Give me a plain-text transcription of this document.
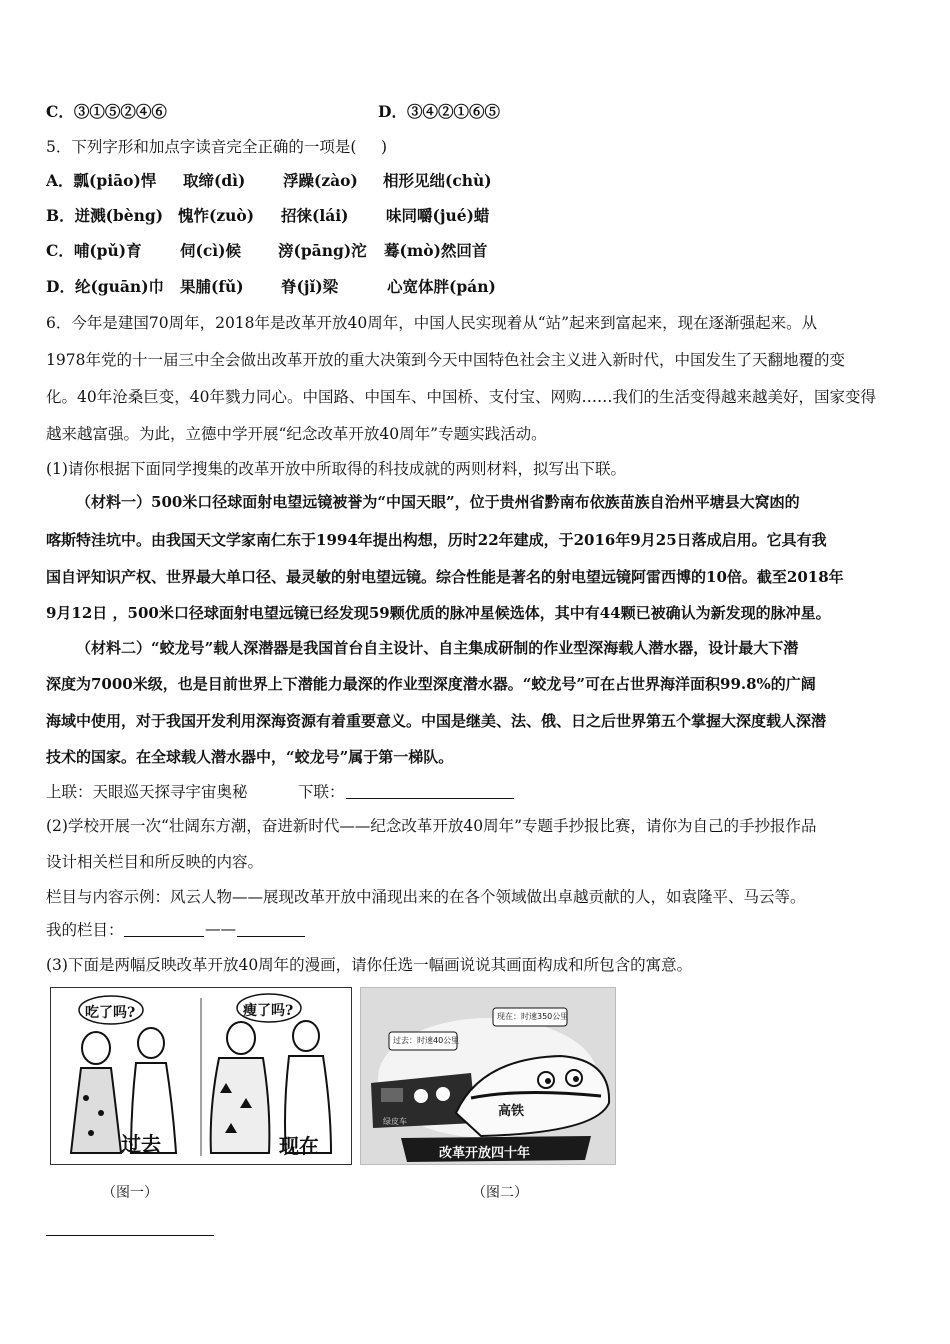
C．③①⑤②④⑥	D．③④②①⑥⑤
5．下列字形和加点字读音完全正确的一项是(     )
A．瓢(piāo)悍 取缔(dì) 浮躁(zào) 相形见绌(chù)
B．迸溅(bèng) 愧怍(zuò) 招徕(lái) 味同嚼(jué)蜡
C．哺(pǔ)育 伺(cì)候 滂(pāng)沱 蓦(mò)然回首
D．纶(guān)巾 果脯(fǔ) 脊(jǐ)梁	心宽体胖(pán)
6．今年是建国70周年，2018年是改革开放40周年，中国人民实现着从“站”起来到富起来，现在逐渐强起来。从
1978年党的十一届三中全会做出改革开放的重大决策到今天中国特色社会主义进入新时代，中国发生了天翻地覆的变
化。40年沧桑巨变，40年戮力同心。中国路、中国车、中国桥、支付宝、网购……我们的生活变得越来越美好，国家变得
越来越富强。为此，立德中学开展“纪念改革开放40周年”专题实践活动。
(1)请你根据下面同学搜集的改革开放中所取得的科技成就的两则材料，拟写出下联。
（材料一）500米口径球面射电望远镜被誉为“中国天眼”，位于贵州省黔南布依族苗族自治州平塘县大窝凼的
喀斯特洼坑中。由我国天文学家南仁东于1994年提出构想，历时22年建成，于2016年9月25日落成启用。它具有我
国自评知识产权、世界最大单口径、最灵敏的射电望远镜。综合性能是著名的射电望远镜阿雷西博的10倍。截至2018年
9月12日 ，500米口径球面射电望远镜已经发现59颗优质的脉冲星候选体，其中有44颗已被确认为新发现的脉冲星。
（材料二）“蛟龙号”载人深潜器是我国首台自主设计、自主集成研制的作业型深海载人潜水器，设计最大下潜
深度为7000米级，也是目前世界上下潜能力最深的作业型深度潜水器。“蛟龙号”可在占世界海洋面积99.8%的广阔
海域中使用，对于我国开发利用深海资源有着重要意义。中国是继美、法、俄、日之后世界第五个掌握大深度载人深潜
技术的国家。在全球载人潜水器中，“蛟龙号”属于第一梯队。
上联：天眼巡天探寻宇宙奥秘	下联：
(2)学校开展一次“壮阔东方潮，奋进新时代——纪念改革开放40周年”专题手抄报比赛，请你为自己的手抄报作品
设计相关栏目和所反映的内容。
栏目与内容示例：风云人物——展现改革开放中涌现出来的在各个领域做出卓越贡献的人，如袁隆平、马云等。
我的栏目：	——
(3)下面是两幅反映改革开放40周年的漫画，请你任选一幅画说说其画面构成和所包含的寓意。
吃了吗?	瘦了吗?
过去	现在
（图一）
现在：时速350公里
过去：时速40公里
绿皮车
高铁
改革开放四十年
（图二）
